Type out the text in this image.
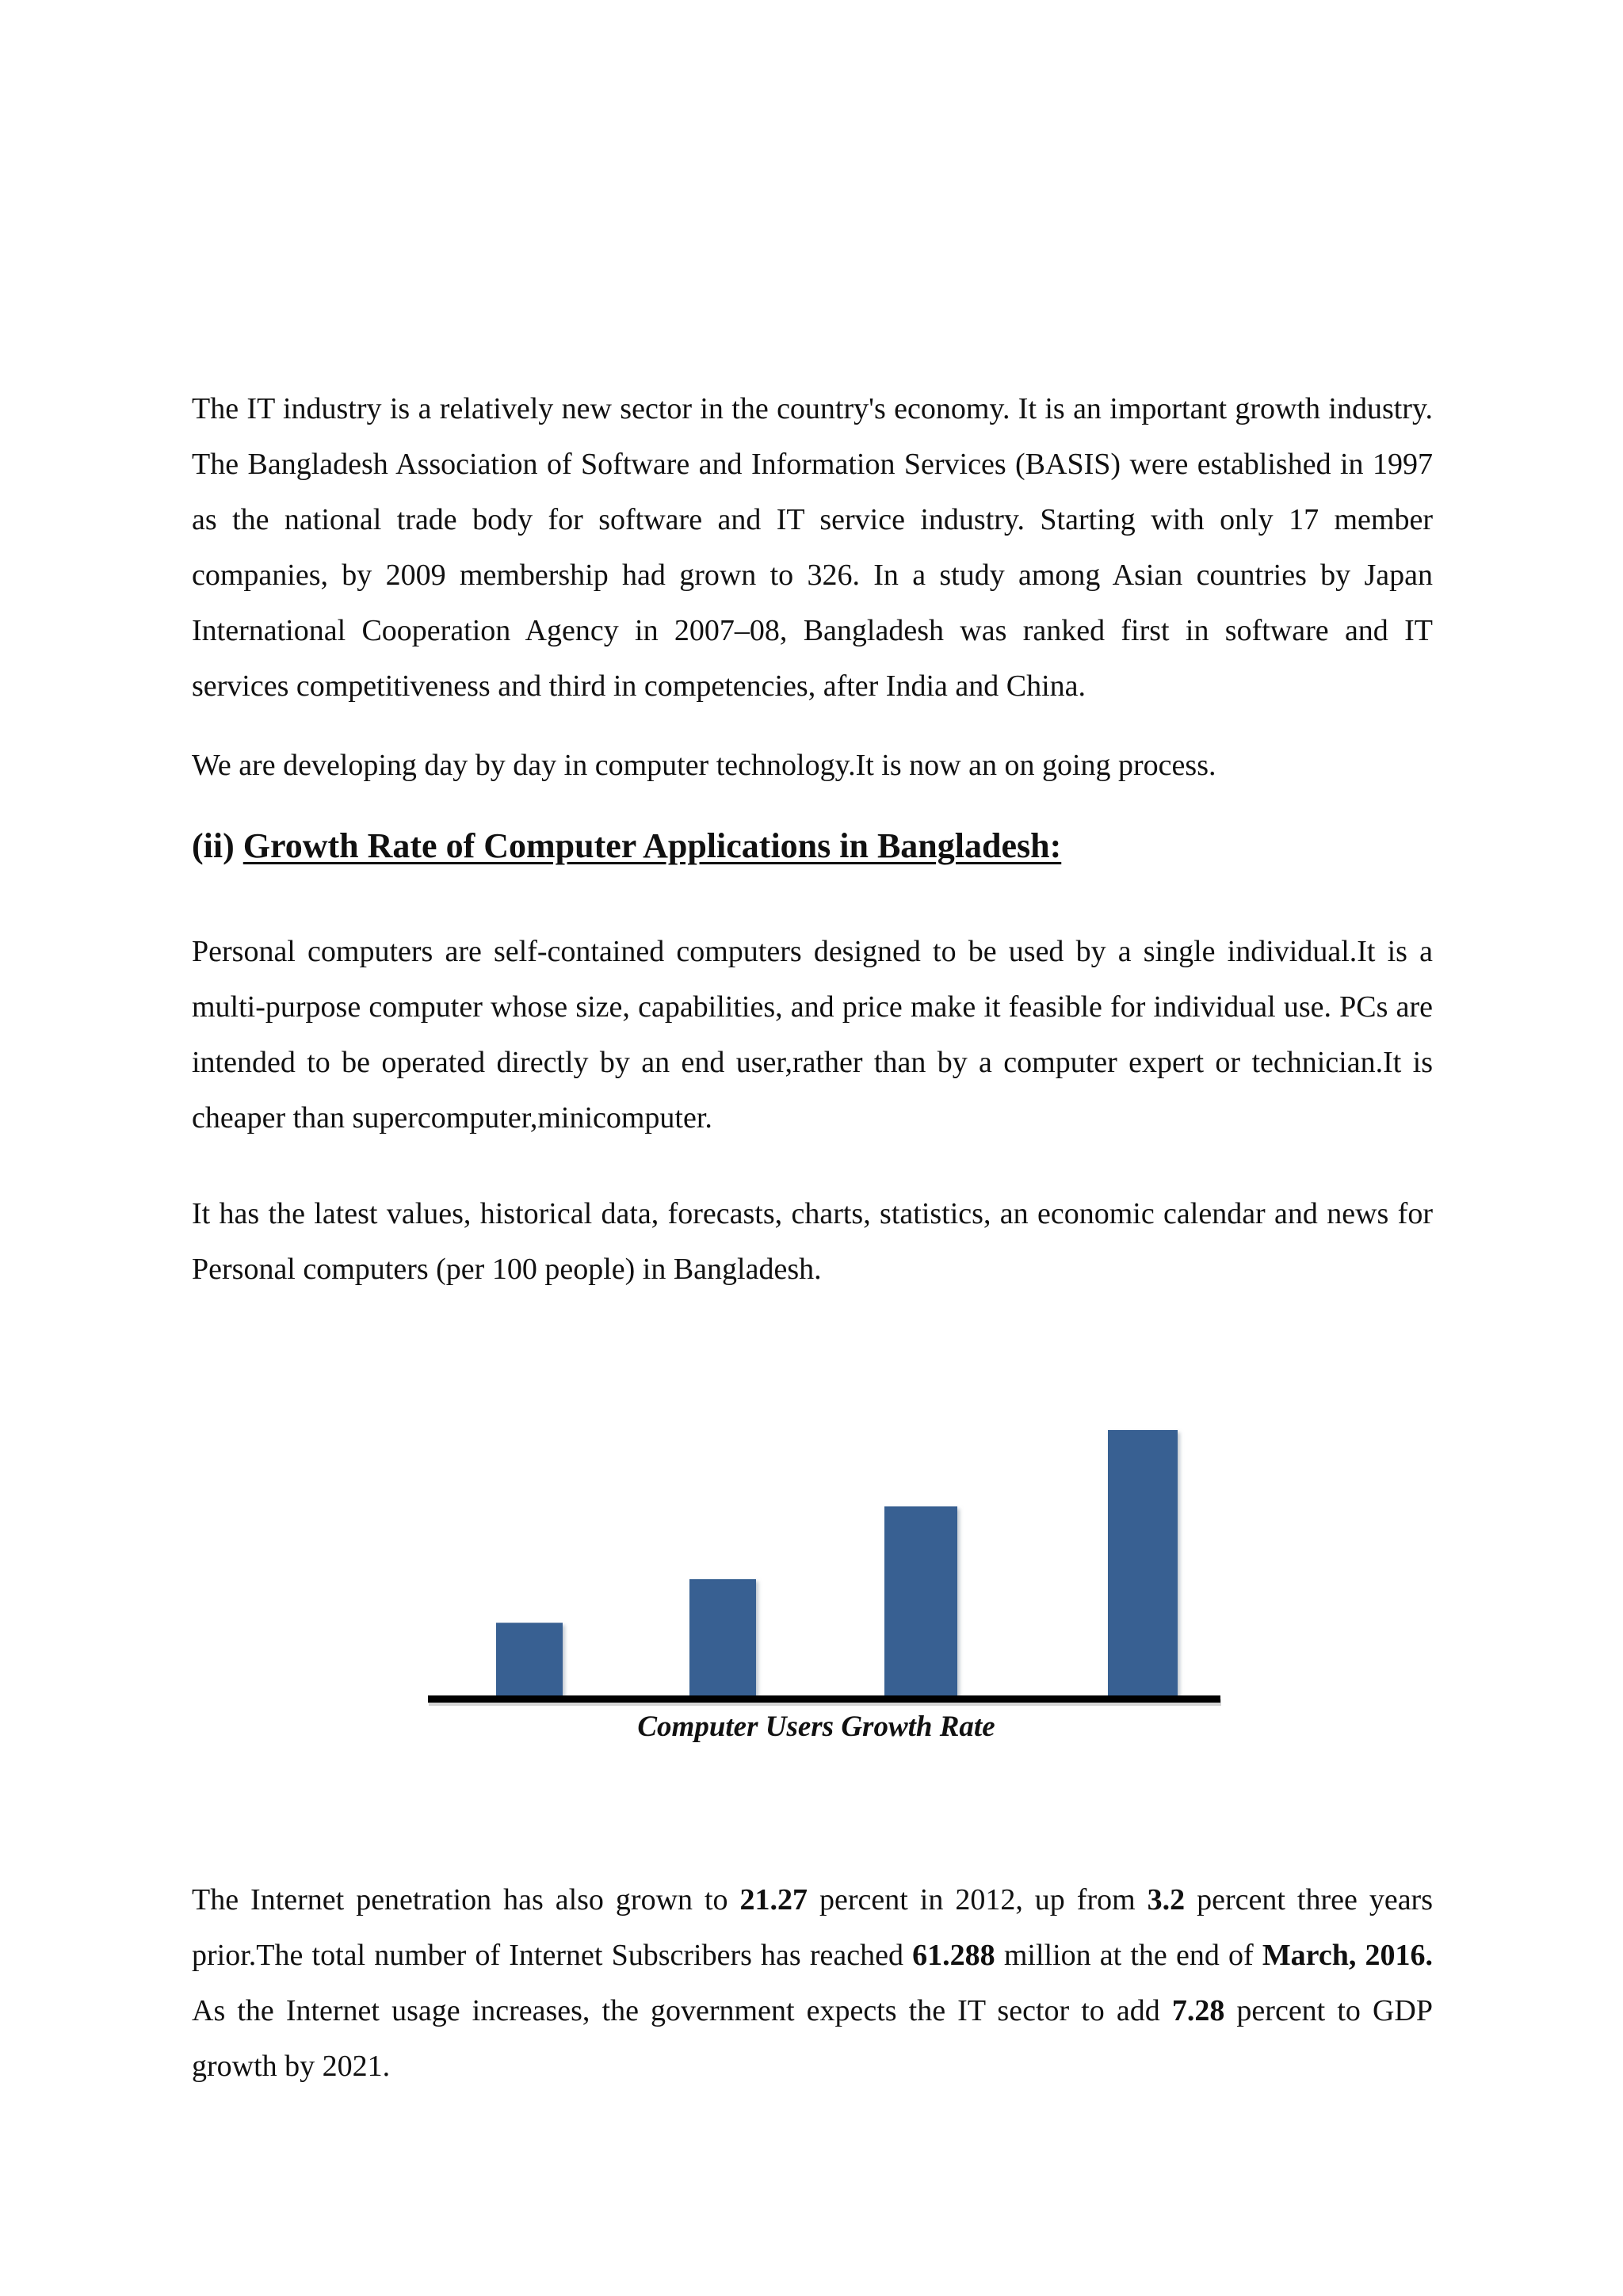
The IT industry is a relatively new sector in the country's economy. It is an important growth industry. The Bangladesh Association of Software and Information Services (BASIS) were established in 1997 as the national trade body for software and IT service industry. Starting with only 17 member companies, by 2009 membership had grown to 326. In a study among Asian countries by Japan International Cooperation Agency in 2007–08, Bangladesh was ranked first in software and IT services competitiveness and third in competencies, after India and China.

We are developing day by day in computer technology.It is now an on going process.

(ii) Growth Rate of Computer Applications in Bangladesh:

Personal computers are self-contained computers designed to be used by a single individual.It is a multi-purpose computer whose size, capabilities, and price make it feasible for individual use. PCs are intended to be operated directly by an end user,rather than by a computer expert or technician.It is cheaper than supercomputer,minicomputer.

It has the latest values, historical data, forecasts, charts, statistics, an economic calendar and news for Personal computers (per 100 people) in Bangladesh.

Computer Users Growth Rate

The Internet penetration has also grown to 21.27 percent in 2012, up from 3.2 percent three years prior.The total number of Internet Subscribers has reached 61.288 million at the end of March, 2016. As the Internet usage increases, the government expects the IT sector to add 7.28 percent to GDP growth by 2021.
